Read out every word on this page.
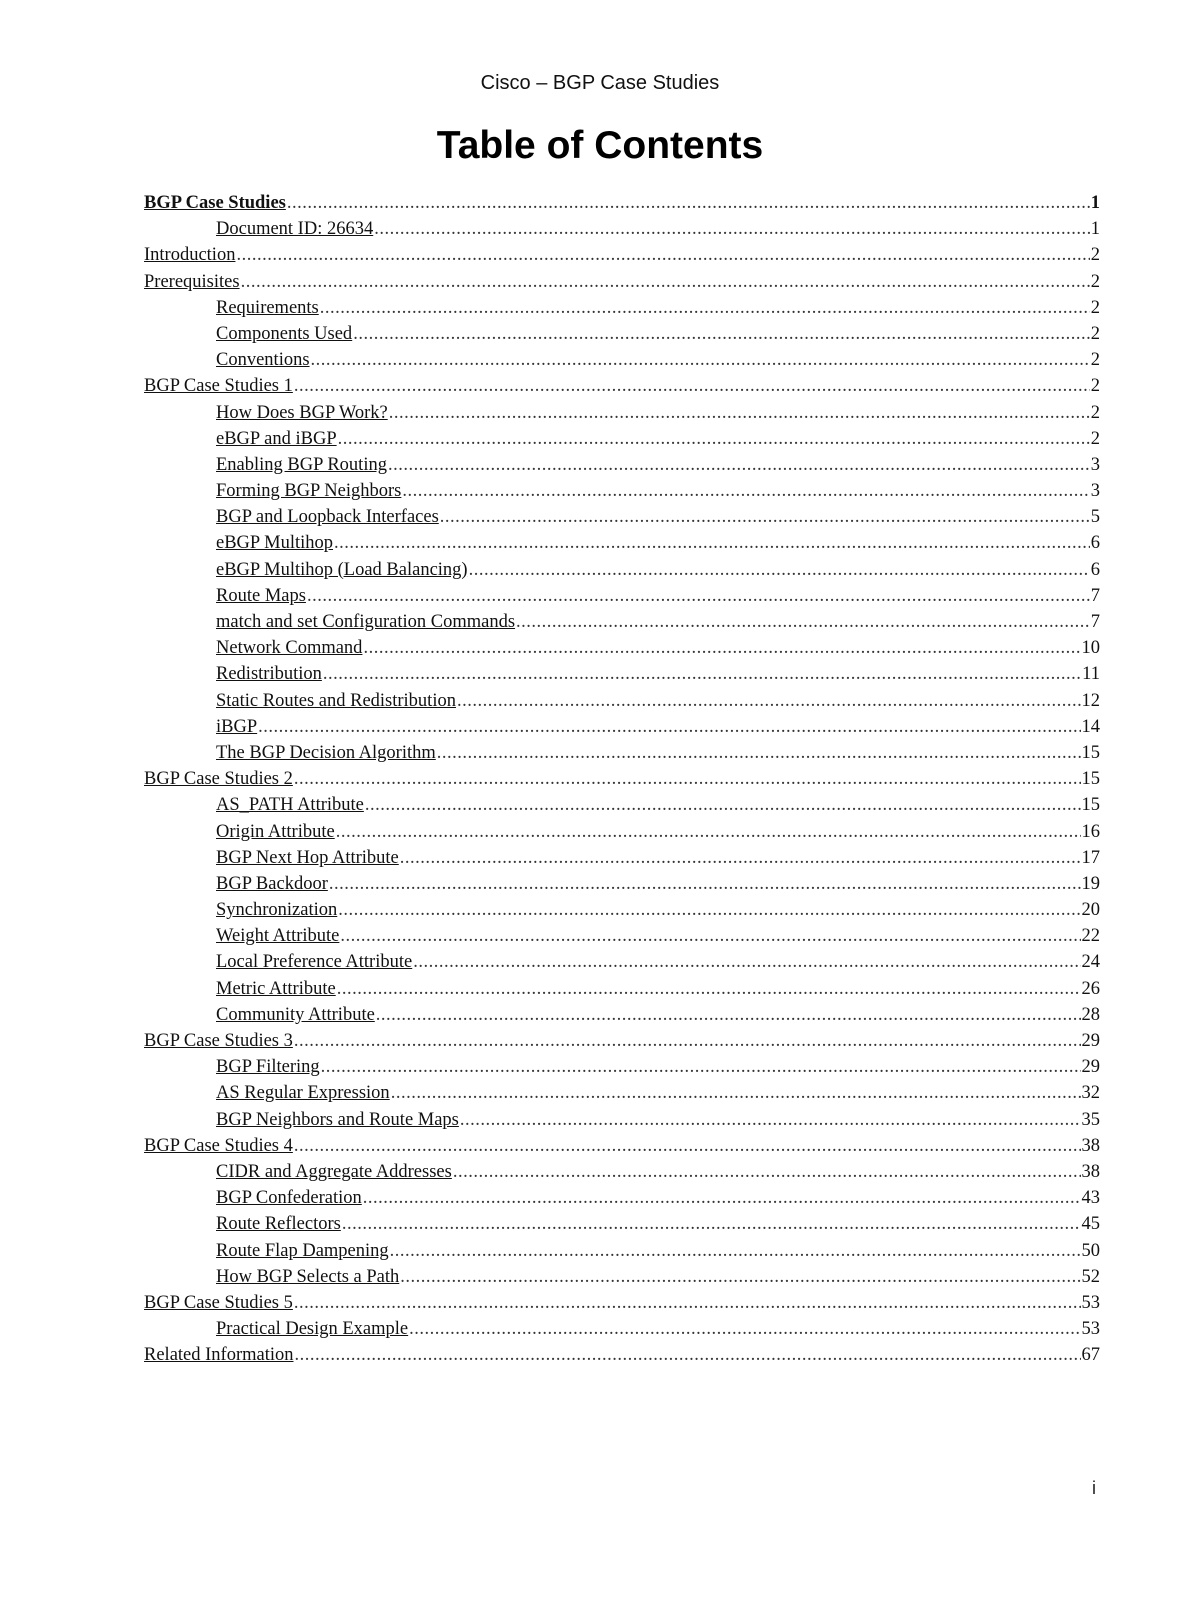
Cisco – BGP Case Studies
Table of Contents
BGP Case Studies .....	1
Document ID: 26634 .....	1
Introduction .....	2
Prerequisites .....	2
Requirements .....	2
Components Used .....	2
Conventions .....	2
BGP Case Studies 1 .....	2
How Does BGP Work? .....	2
eBGP and iBGP .....	2
Enabling BGP Routing .....	3
Forming BGP Neighbors .....	3
BGP and Loopback Interfaces .....	5
eBGP Multihop .....	6
eBGP Multihop (Load Balancing) .....	6
Route Maps .....	7
match and set Configuration Commands .....	7
Network Command .....	10
Redistribution .....	11
Static Routes and Redistribution .....	12
iBGP .....	14
The BGP Decision Algorithm .....	15
BGP Case Studies 2 .....	15
AS_PATH Attribute .....	15
Origin Attribute .....	16
BGP Next Hop Attribute .....	17
BGP Backdoor .....	19
Synchronization .....	20
Weight Attribute .....	22
Local Preference Attribute .....	24
Metric Attribute .....	26
Community Attribute .....	28
BGP Case Studies 3 .....	29
BGP Filtering .....	29
AS Regular Expression .....	32
BGP Neighbors and Route Maps .....	35
BGP Case Studies 4 .....	38
CIDR and Aggregate Addresses .....	38
BGP Confederation .....	43
Route Reflectors .....	45
Route Flap Dampening .....	50
How BGP Selects a Path .....	52
BGP Case Studies 5 .....	53
Practical Design Example .....	53
Related Information .....	67
i
